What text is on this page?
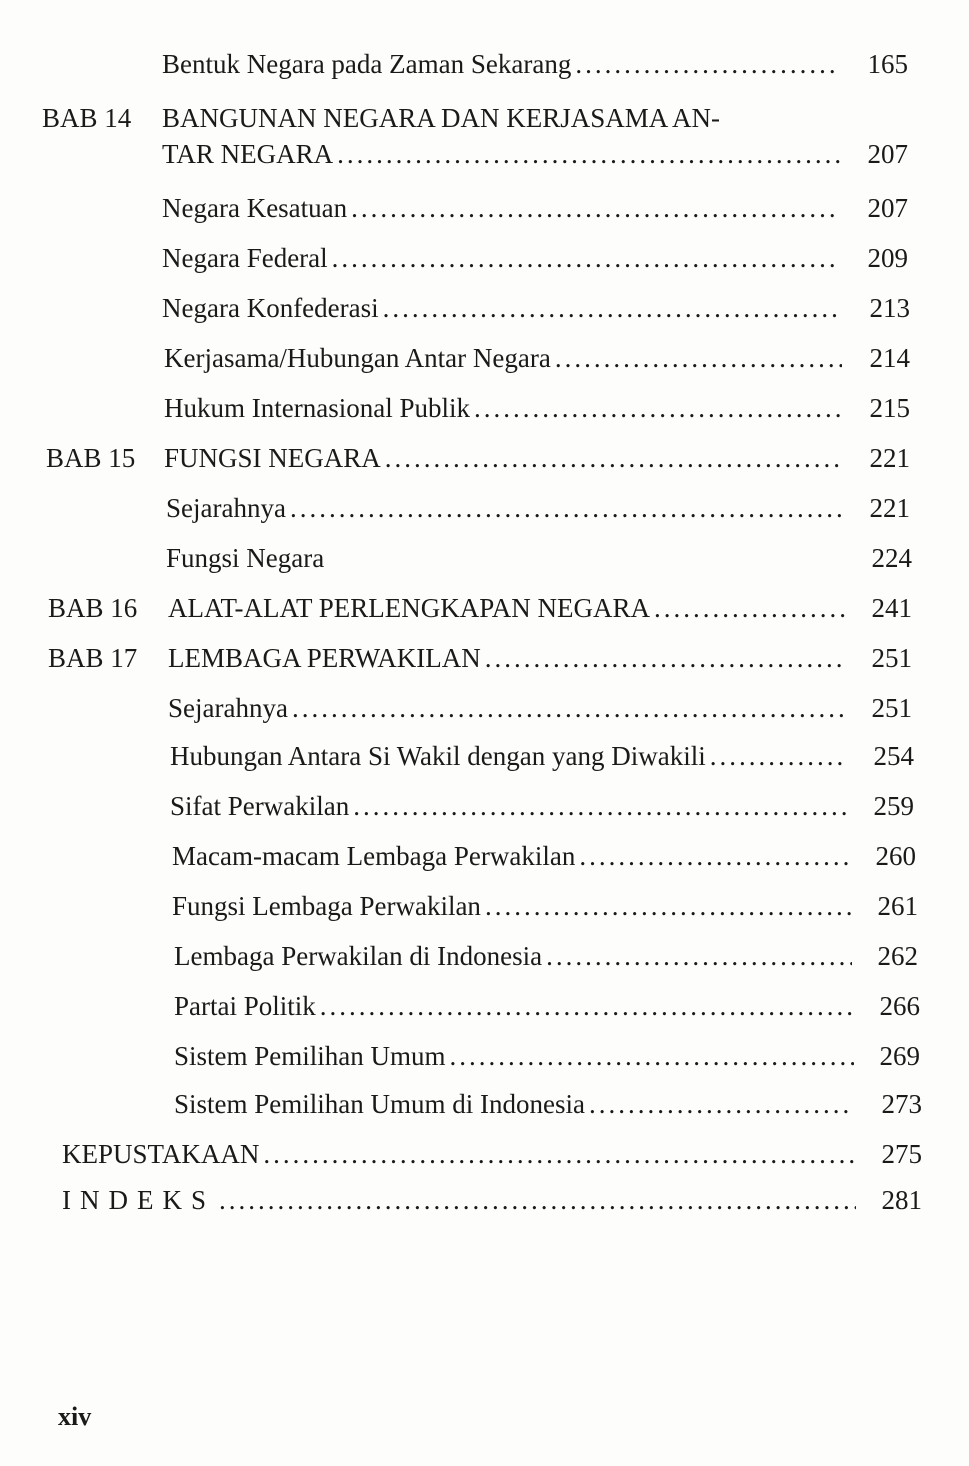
Bentuk Negara pada Zaman Sekarang .....	165
BAB 14 BANGUNAN NEGARA DAN KERJASAMA AN-
TAR NEGARA .....	207
Negara Kesatuan .....	207
Negara Federal .....	209
Negara Konfederasi .....	213
Kerjasama/Hubungan Antar Negara .....	214
Hukum Internasional Publik .....	215
BAB 15 FUNGSI NEGARA .....	221
Sejarahnya .....	221
Fungsi Negara	224
BAB 16 ALAT-ALAT PERLENGKAPAN NEGARA .....	241
BAB 17 LEMBAGA PERWAKILAN .....	251
Sejarahnya .....	251
Hubungan Antara Si Wakil dengan yang Diwakili .....	254
Sifat Perwakilan .....	259
Macam-macam Lembaga Perwakilan .....	260
Fungsi Lembaga Perwakilan .....	261
Lembaga Perwakilan di Indonesia .....	262
Partai Politik .....	266
Sistem Pemilihan Umum .....	269
Sistem Pemilihan Umum di Indonesia .....	273
KEPUSTAKAAN .....	275
INDEKS .....	281
xiv
